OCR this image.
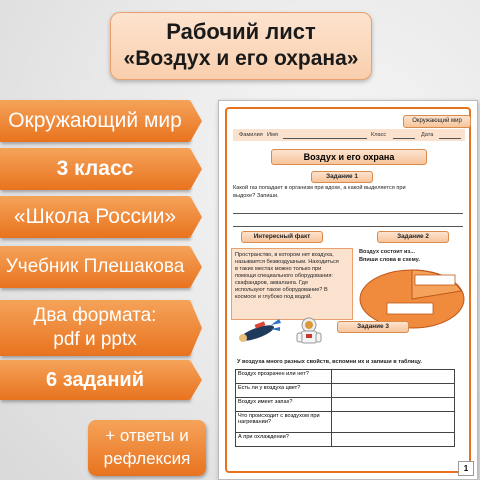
Рабочий лист
«Воздух и его охрана»
Окружающий мир
3 класс
«Школа России»
Учебник Плешакова
Два формата:
pdf и pptx
6 заданий
+ ответы и
рефлексия
Окружающий мир
Фамилия Имя	Класс	Дата
Воздух и его охрана
Задание 1
Какой газ попадает в организм при вдохе, а какой выделяется при
выдохе? Запиши.
Интересный факт
Пространство, в котором нет воздуха,
называется безвоздушным. Находиться
в таких местах можно только при
помощи специального оборудования:
скафандров, акваланга. Где
используют такое оборудование? В
космосе и глубоко под водой.
Задание 2
Воздух состоит из...
Впиши слова в схему.
Задание 3
У воздуха много разных свойств, вспомни их и запиши в таблицу.
Воздух прозрачен или нет?
Есть ли у воздуха цвет?
Воздух имеет запах?
Что происходит с воздухом при нагревании?
А при охлаждении?
1
